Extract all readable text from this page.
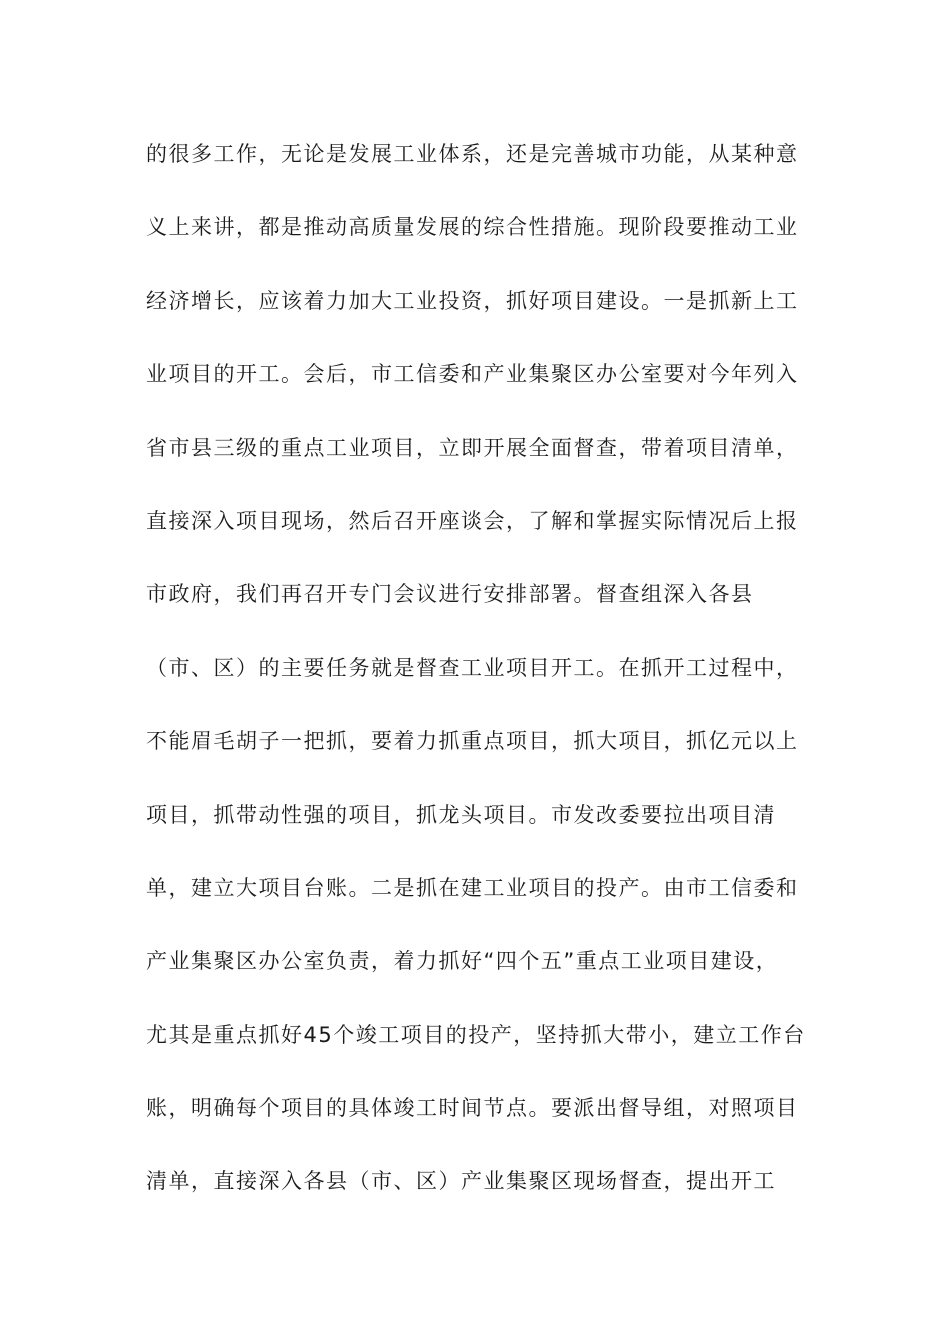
的很多工作，无论是发展工业体系，还是完善城市功能，从某种意
义上来讲，都是推动高质量发展的综合性措施。现阶段要推动工业
经济增长，应该着力加大工业投资，抓好项目建设。一是抓新上工
业项目的开工。会后，市工信委和产业集聚区办公室要对今年列入
省市县三级的重点工业项目，立即开展全面督查，带着项目清单，
直接深入项目现场，然后召开座谈会，了解和掌握实际情况后上报
市政府，我们再召开专门会议进行安排部署。督查组深入各县
（市、区）的主要任务就是督查工业项目开工。在抓开工过程中，
不能眉毛胡子一把抓，要着力抓重点项目，抓大项目，抓亿元以上
项目，抓带动性强的项目，抓龙头项目。市发改委要拉出项目清
单，建立大项目台账。二是抓在建工业项目的投产。由市工信委和
产业集聚区办公室负责，着力抓好“四个五”重点工业项目建设，
尤其是重点抓好45个竣工项目的投产，坚持抓大带小，建立工作台
账，明确每个项目的具体竣工时间节点。要派出督导组，对照项目
清单，直接深入各县（市、区）产业集聚区现场督查，提出开工
